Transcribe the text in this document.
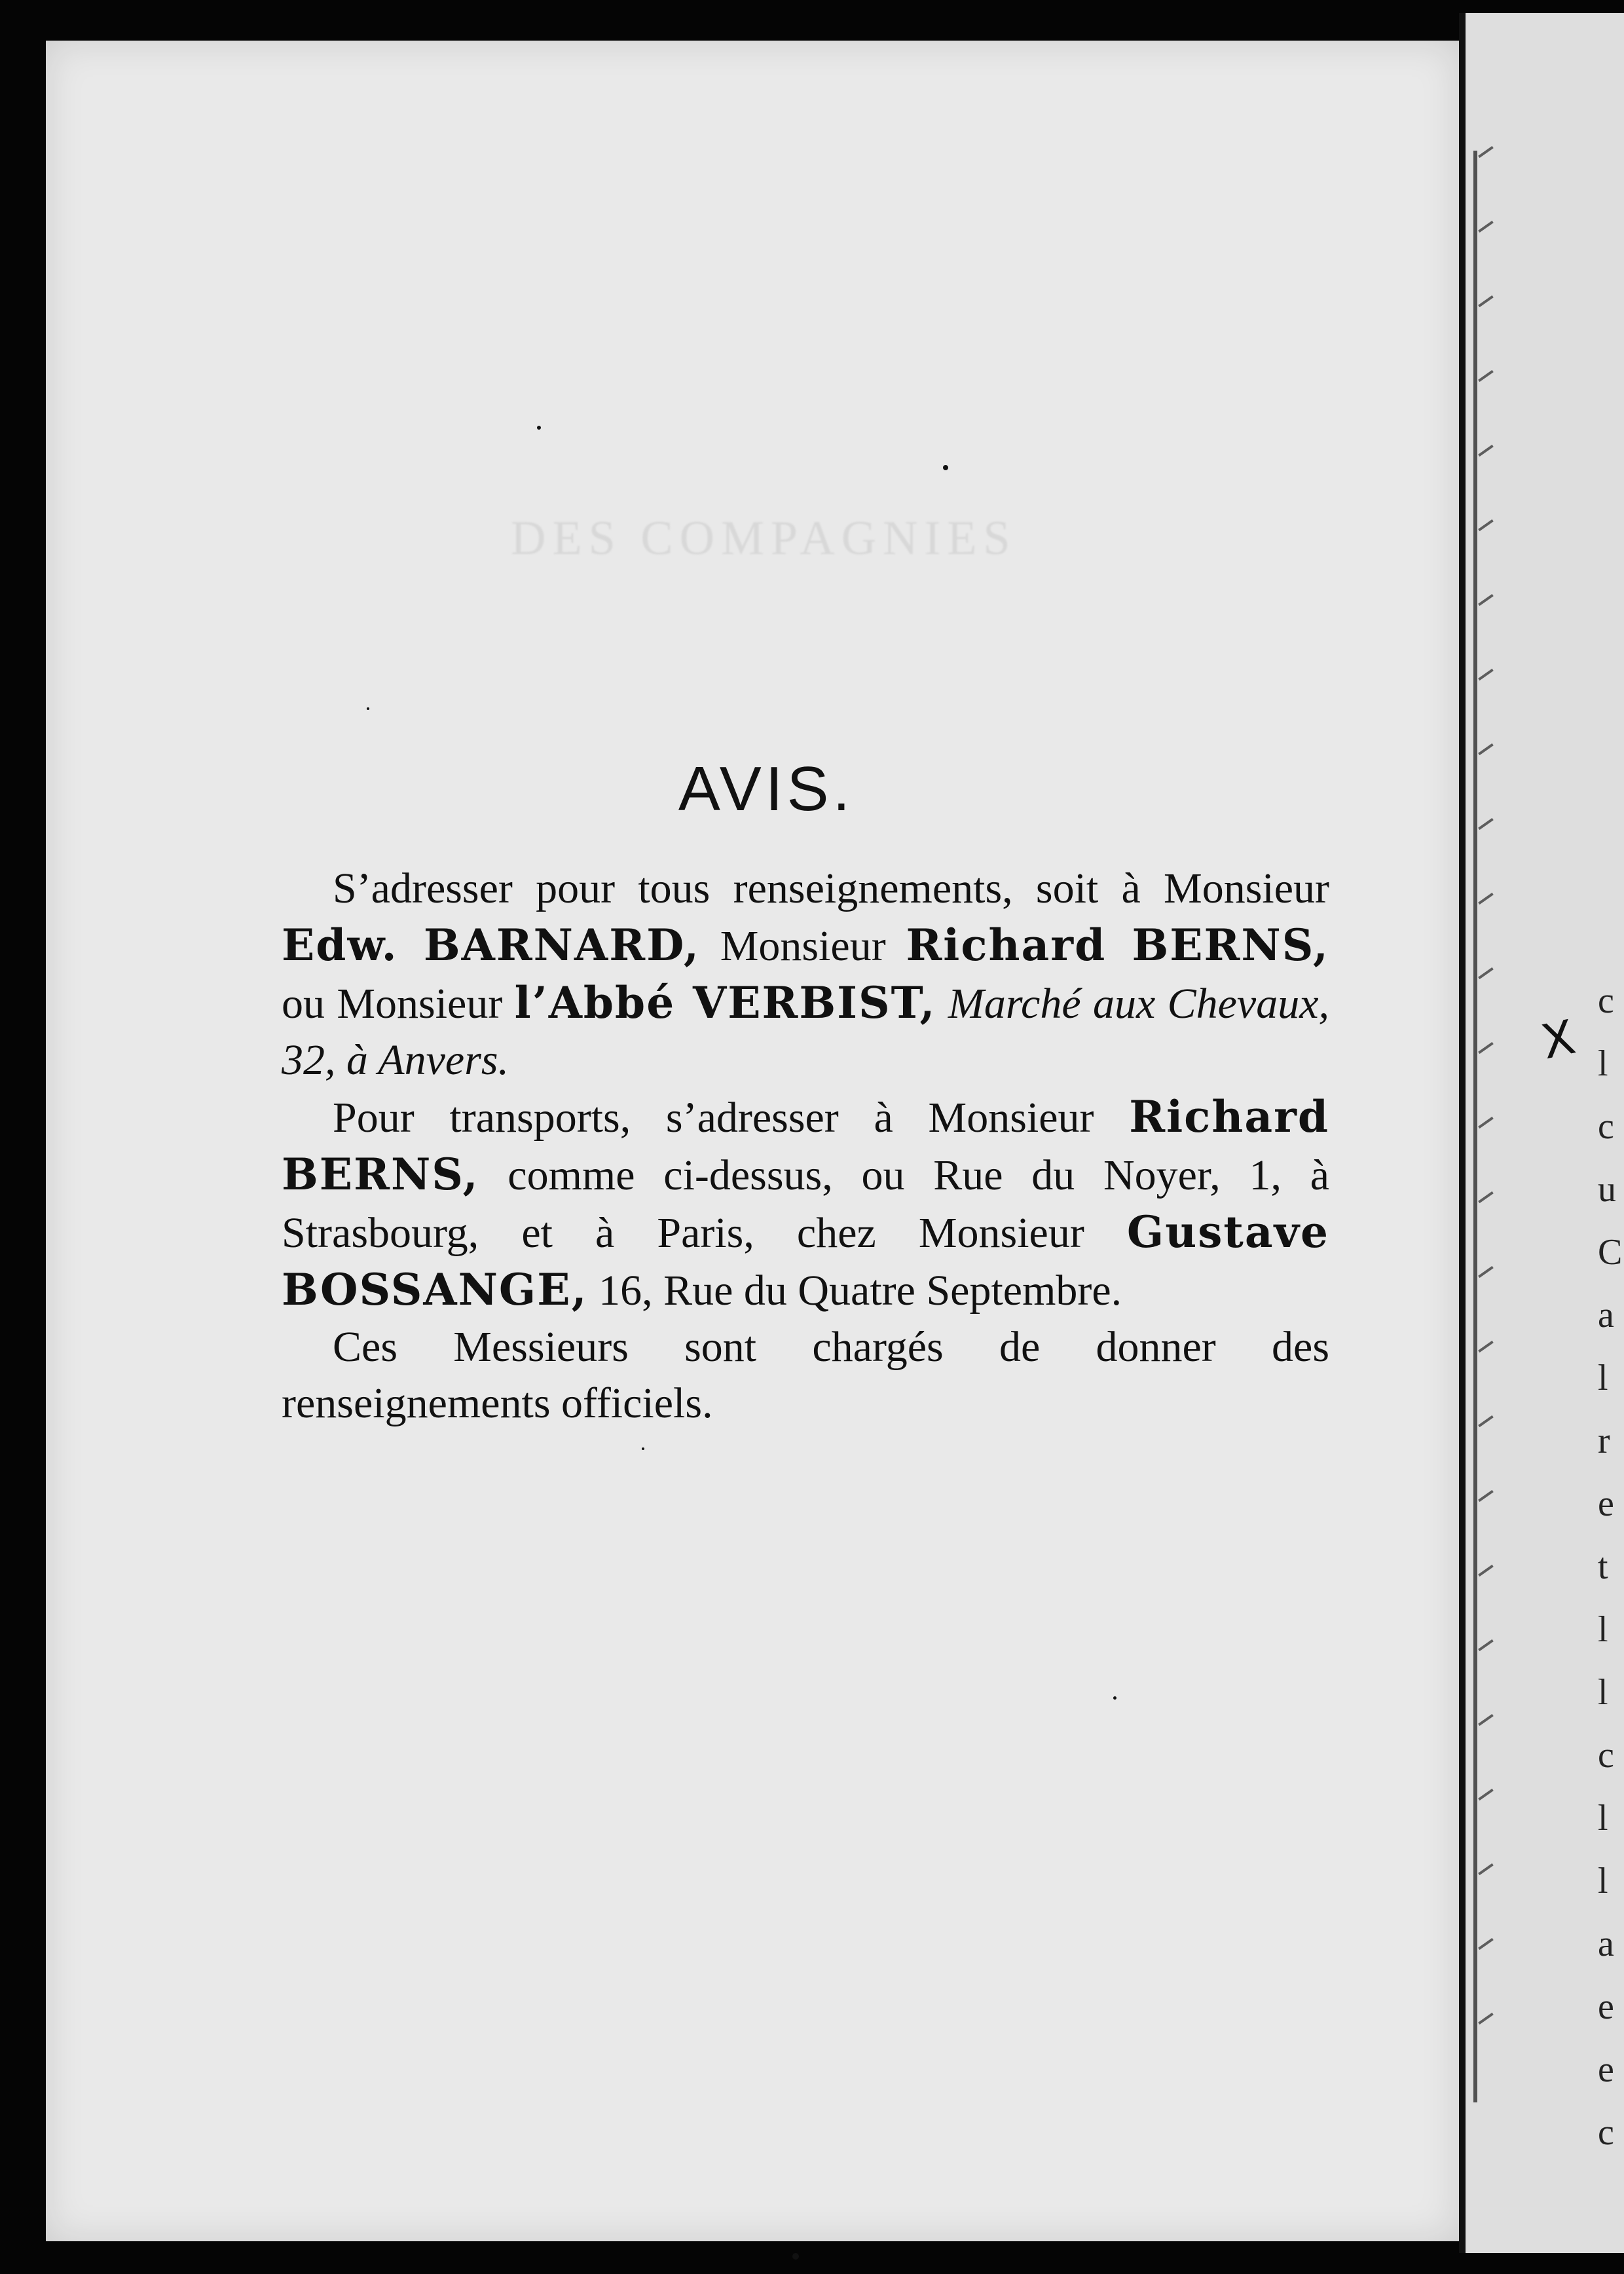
c
l
c
u
C
a
l
r
e
t
l
l
c
l
l
a
e
e
c
X
DES COMPAGNIES
AVIS.

S’adresser pour tous renseignements, soit à Monsieur Edw. BARNARD, Monsieur Richard BERNS, ou Monsieur l’Abbé VERBIST, Marché aux Chevaux, 32, à Anvers.

Pour transports, s’adresser à Monsieur Richard BERNS, comme ci-dessus, ou Rue du Noyer, 1, à Strasbourg, et à Paris, chez Monsieur Gustave BOSSANGE, 16, Rue du Quatre Septembre.

Ces Messieurs sont chargés de donner des renseignements officiels.
